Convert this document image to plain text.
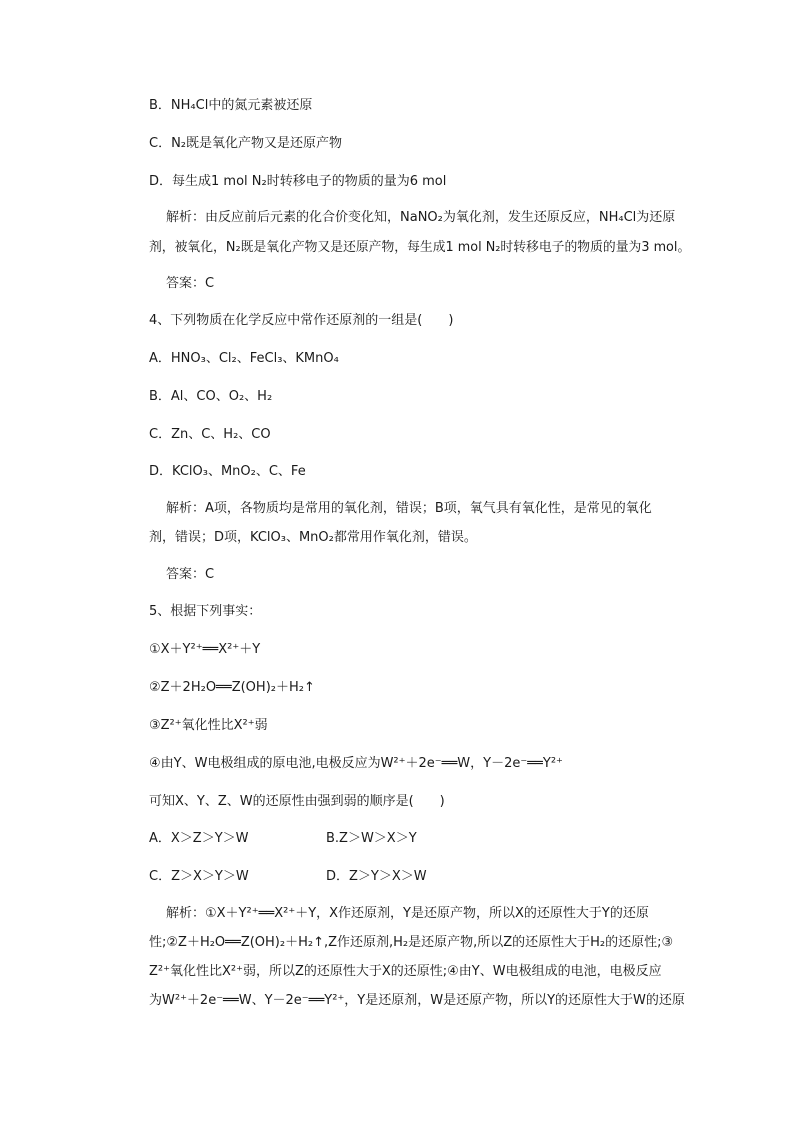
B．NH₄Cl中的氮元素被还原
C．N₂既是氧化产物又是还原产物
D．每生成1 mol N₂时转移电子的物质的量为6 mol
解析：由反应前后元素的化合价变化知，NaNO₂为氧化剂，发生还原反应，NH₄Cl为还原
剂，被氧化，N₂既是氧化产物又是还原产物，每生成1 mol N₂时转移电子的物质的量为3 mol。
答案：C
4、下列物质在化学反应中常作还原剂的一组是(　　)
A．HNO₃、Cl₂、FeCl₃、KMnO₄
B．Al、CO、O₂、H₂
C．Zn、C、H₂、CO
D．KClO₃、MnO₂、C、Fe
解析：A项，各物质均是常用的氧化剂，错误；B项，氧气具有氧化性，是常见的氧化
剂，错误；D项，KClO₃、MnO₂都常用作氧化剂，错误。
答案：C
5、根据下列事实：
①X＋Y²⁺══X²⁺＋Y
②Z＋2H₂O══Z(OH)₂＋H₂↑
③Z²⁺氧化性比X²⁺弱
④由Y、W电极组成的原电池,电极反应为W²⁺＋2e⁻══W，Y－2e⁻══Y²⁺
可知X、Y、Z、W的还原性由强到弱的顺序是(　　)
A．X＞Z＞Y＞W	B.Z＞W＞X＞Y
C．Z＞X＞Y＞W	D．Z＞Y＞X＞W
解析：①X＋Y²⁺══X²⁺＋Y，X作还原剂，Y是还原产物，所以X的还原性大于Y的还原
性;②Z＋H₂O══Z(OH)₂＋H₂↑,Z作还原剂,H₂是还原产物,所以Z的还原性大于H₂的还原性;③
Z²⁺氧化性比X²⁺弱，所以Z的还原性大于X的还原性;④由Y、W电极组成的电池，电极反应
为W²⁺＋2e⁻══W、Y－2e⁻══Y²⁺，Y是还原剂，W是还原产物，所以Y的还原性大于W的还原
